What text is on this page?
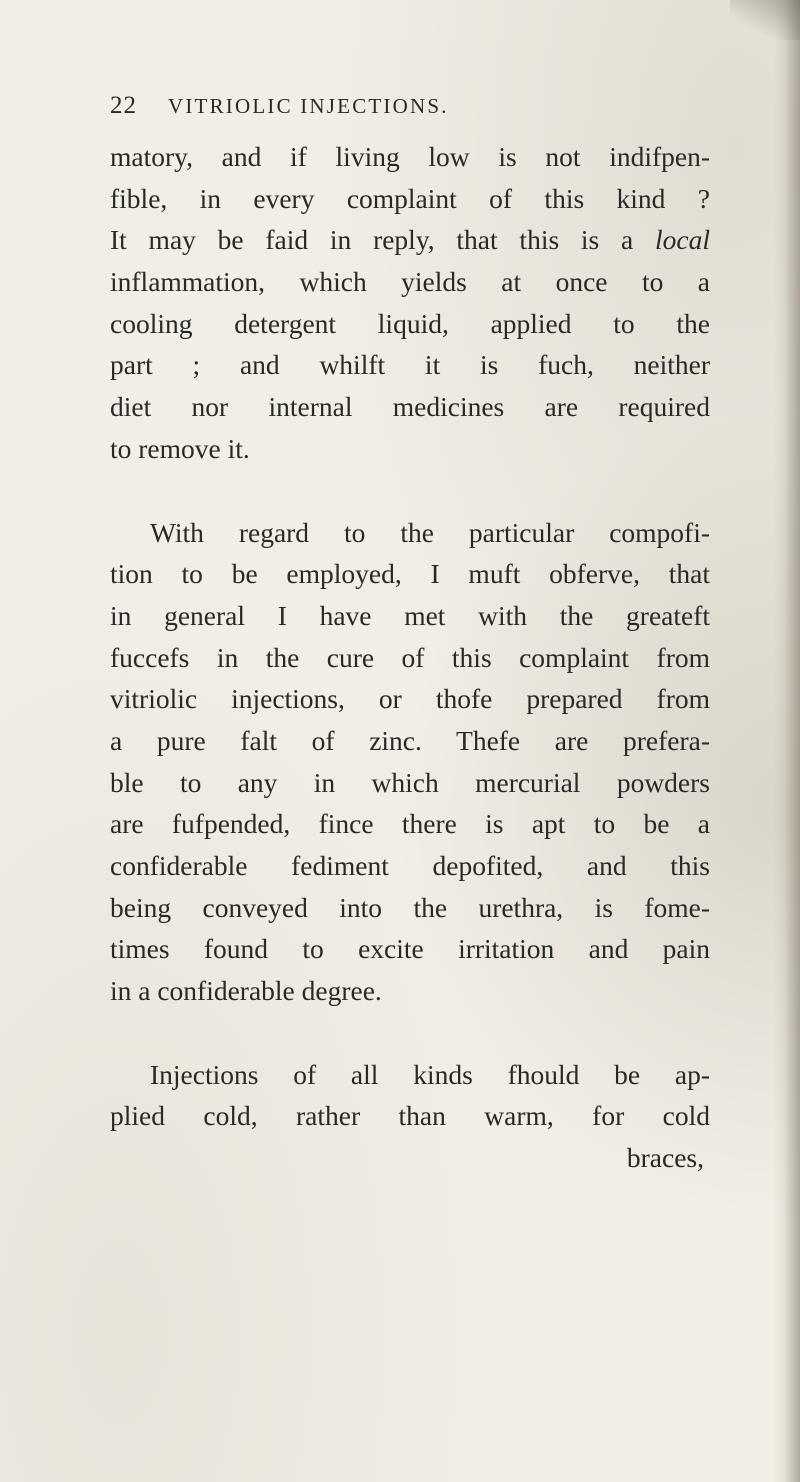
22 VITRIOLIC INJECTIONS.
matory, and if living low is not indifpen-
fible, in every complaint of this kind ?
It may be faid in reply, that this is a local
inflammation, which yields at once to a
cooling detergent liquid, applied to the
part ; and whilft it is fuch, neither
diet nor internal medicines are required
to remove it.
With regard to the particular compofi-
tion to be employed, I muft obferve, that
in general I have met with the greateft
fuccefs in the cure of this complaint from
vitriolic injections, or thofe prepared from
a pure falt of zinc. Thefe are prefera-
ble to any in which mercurial powders
are fufpended, fince there is apt to be a
confiderable fediment depofited, and this
being conveyed into the urethra, is fome-
times found to excite irritation and pain
in a confiderable degree.
Injections of all kinds fhould be ap-
plied cold, rather than warm, for cold
braces,
